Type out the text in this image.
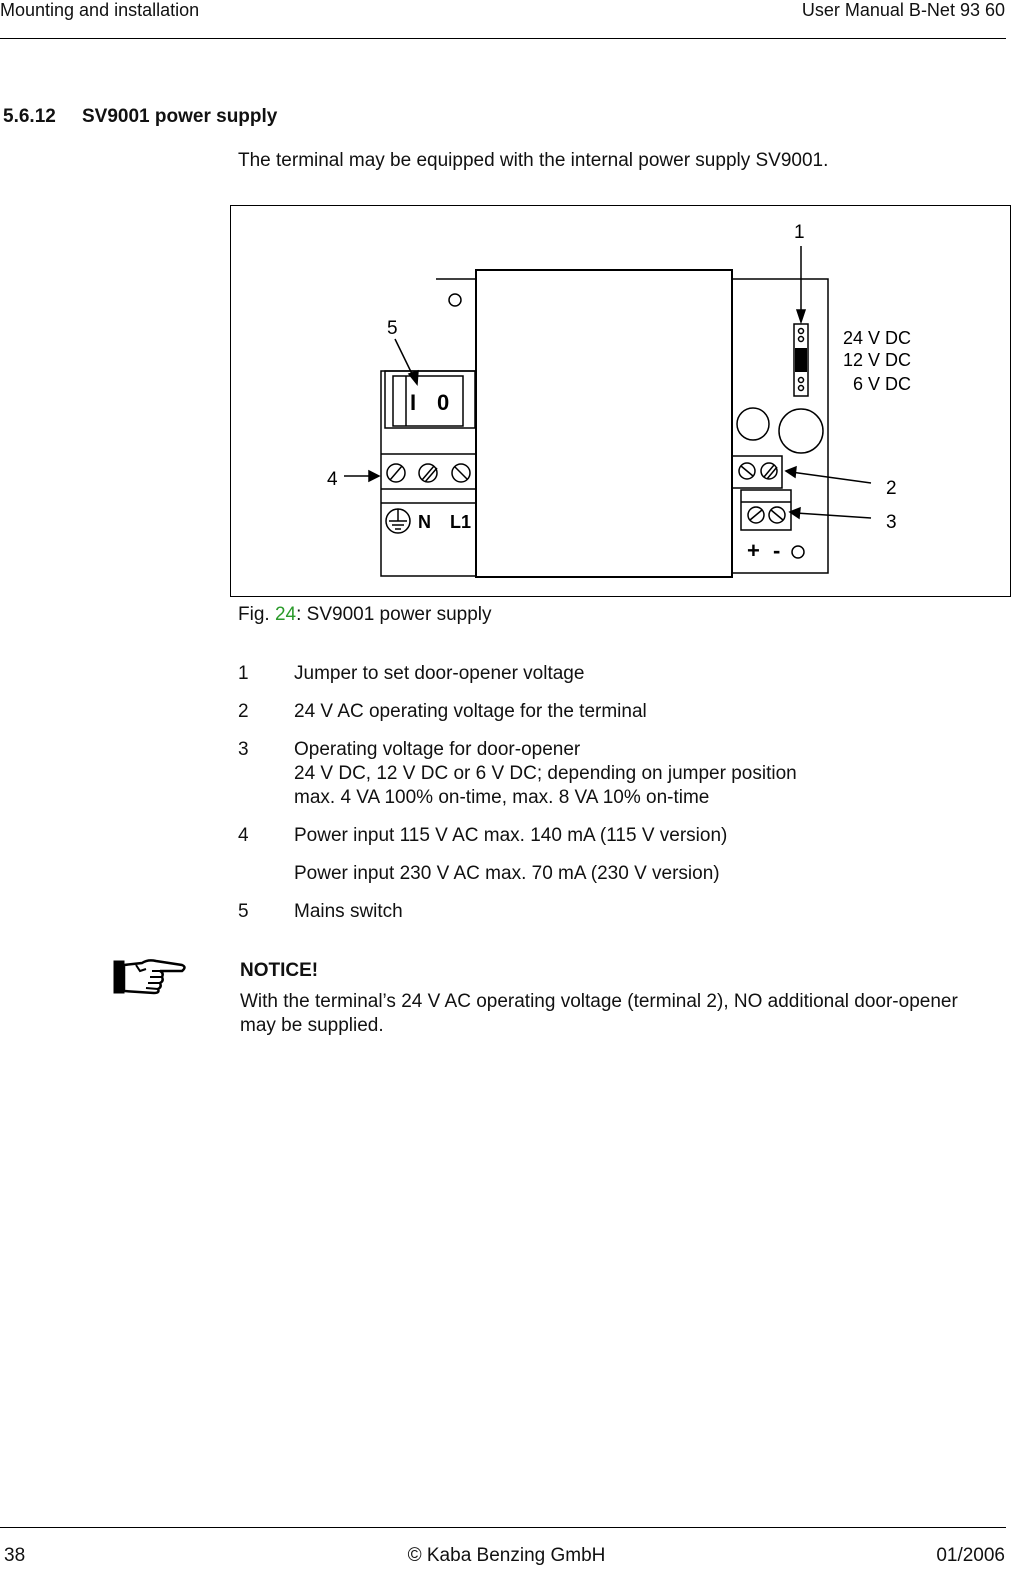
Mounting and installation	User Manual B-Net 93 60
5.6.12 SV9001 power supply
The terminal may be equipped with the internal power supply SV9001.
I 0
N L1
+ -
24 V DC
12 V DC
6 V DC
1
2
3
4
5
Fig. 24: SV9001 power supply
1 Jumper to set door-opener voltage
2 24 V AC operating voltage for the terminal
3 Operating voltage for door-opener
24 V DC, 12 V DC or 6 V DC; depending on jumper position
max. 4 VA 100% on-time, max. 8 VA 10% on-time
4 Power input 115 V AC max. 140 mA (115 V version)
Power input 230 V AC max. 70 mA (230 V version)
5 Mains switch
NOTICE!
With the terminal’s 24 V AC operating voltage (terminal 2), NO additional door-opener may be supplied.
38	© Kaba Benzing GmbH	01/2006
